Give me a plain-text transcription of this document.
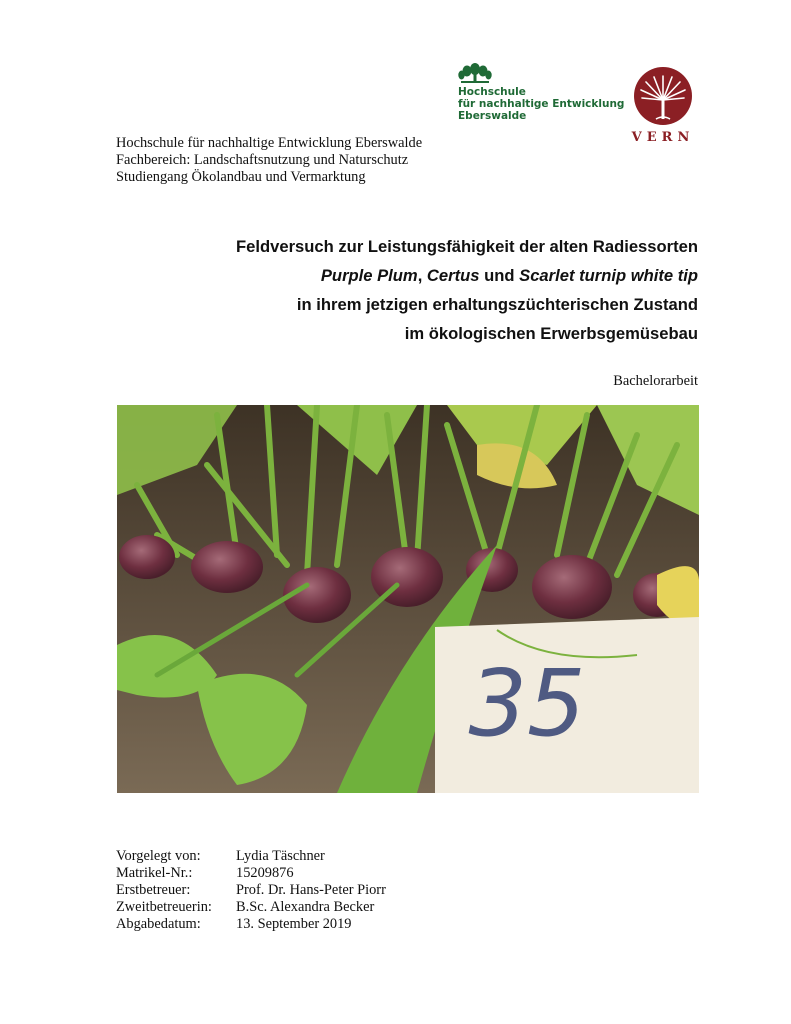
Hochschule
für nachhaltige Entwicklung
Eberswalde
VERN
Hochschule für nachhaltige Entwicklung Eberswalde
Fachbereich: Landschaftsnutzung und Naturschutz
Studiengang Ökolandbau und Vermarktung
Feldversuch zur Leistungsfähigkeit der alten Radiessorten
Purple Plum, Certus und Scarlet turnip white tip
in ihrem jetzigen erhaltungszüchterischen Zustand
im ökologischen Erwerbsgemüsebau
Bachelorarbeit
35
Vorgelegt von:	Lydia Täschner
Matrikel-Nr.:	15209876
Erstbetreuer:	Prof. Dr. Hans-Peter Piorr
Zweitbetreuerin:	B.Sc. Alexandra Becker
Abgabedatum:	13. September 2019
